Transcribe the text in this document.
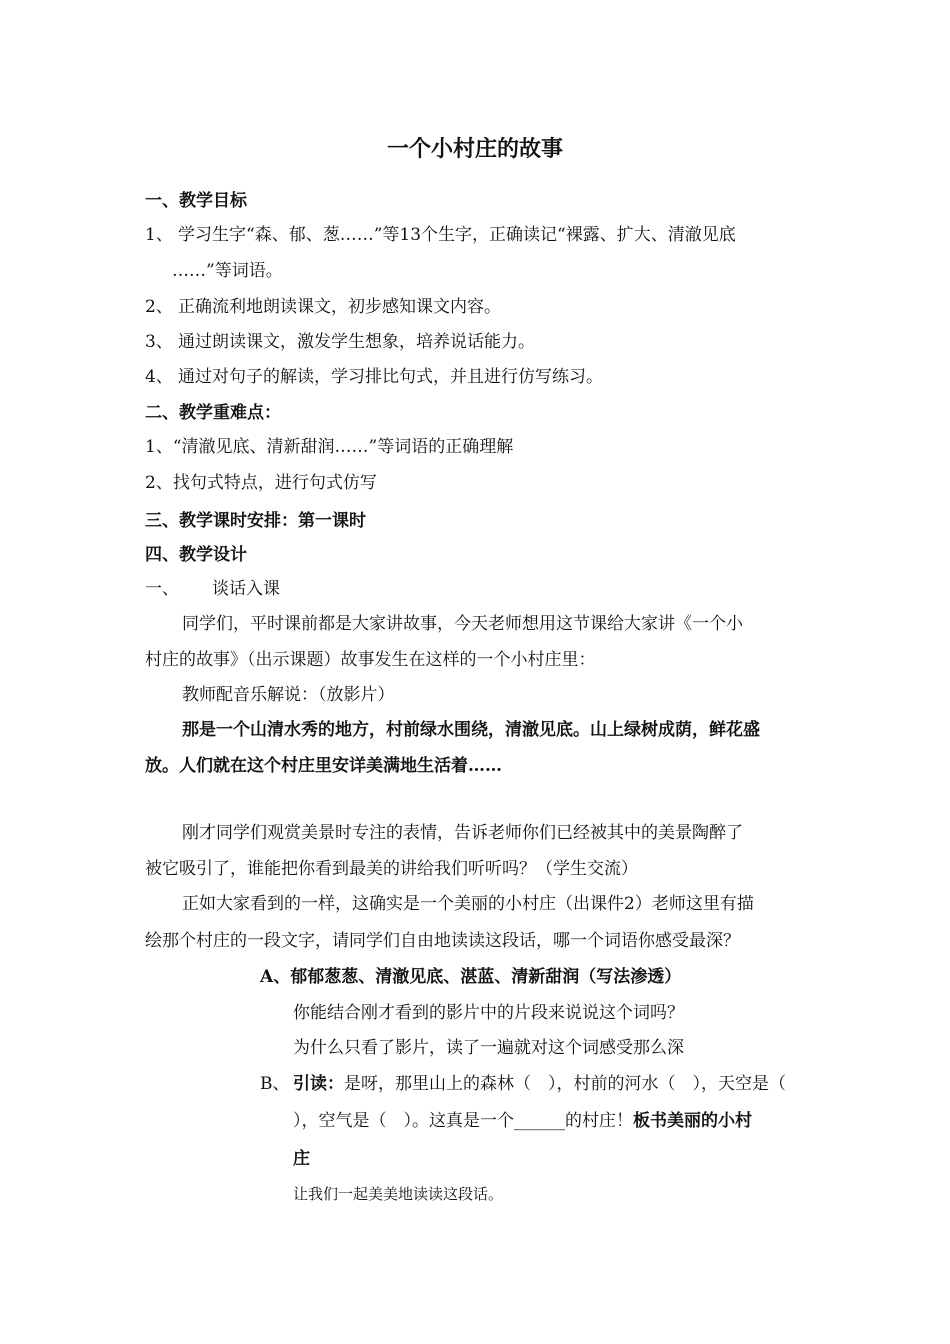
一个小村庄的故事
一、教学目标
1、 学习生字“森、郁、葱……”等13个生字，正确读记“裸露、扩大、清澈见底
……”等词语。
2、 正确流利地朗读课文，初步感知课文内容。
3、 通过朗读课文，激发学生想象，培养说话能力。
4、 通过对句子的解读，学习排比句式，并且进行仿写练习。
二、教学重难点：
1、“清澈见底、清新甜润……”等词语的正确理解
2、找句式特点，进行句式仿写
三、教学课时安排：第一课时
四、教学设计
一、 谈话入课
同学们，平时课前都是大家讲故事，今天老师想用这节课给大家讲《一个小
村庄的故事》（出示课题）故事发生在这样的一个小村庄里：
教师配音乐解说：（放影片）
那是一个山清水秀的地方，村前绿水围绕，清澈见底。山上绿树成荫，鲜花盛
放。人们就在这个村庄里安详美满地生活着……
刚才同学们观赏美景时专注的表情，告诉老师你们已经被其中的美景陶醉了
被它吸引了，谁能把你看到最美的讲给我们听听吗？（学生交流）
正如大家看到的一样，这确实是一个美丽的小村庄（出课件2）老师这里有描
绘那个村庄的一段文字，请同学们自由地读读这段话，哪一个词语你感受最深？
A、郁郁葱葱、清澈见底、湛蓝、清新甜润（写法渗透）
你能结合刚才看到的影片中的片段来说说这个词吗？
为什么只看了影片，读了一遍就对这个词感受那么深
B、 引读：是呀，那里山上的森林（　），村前的河水（　），天空是（
），空气是（　）。这真是一个______的村庄！板书美丽的小村
庄
让我们一起美美地读读这段话。
